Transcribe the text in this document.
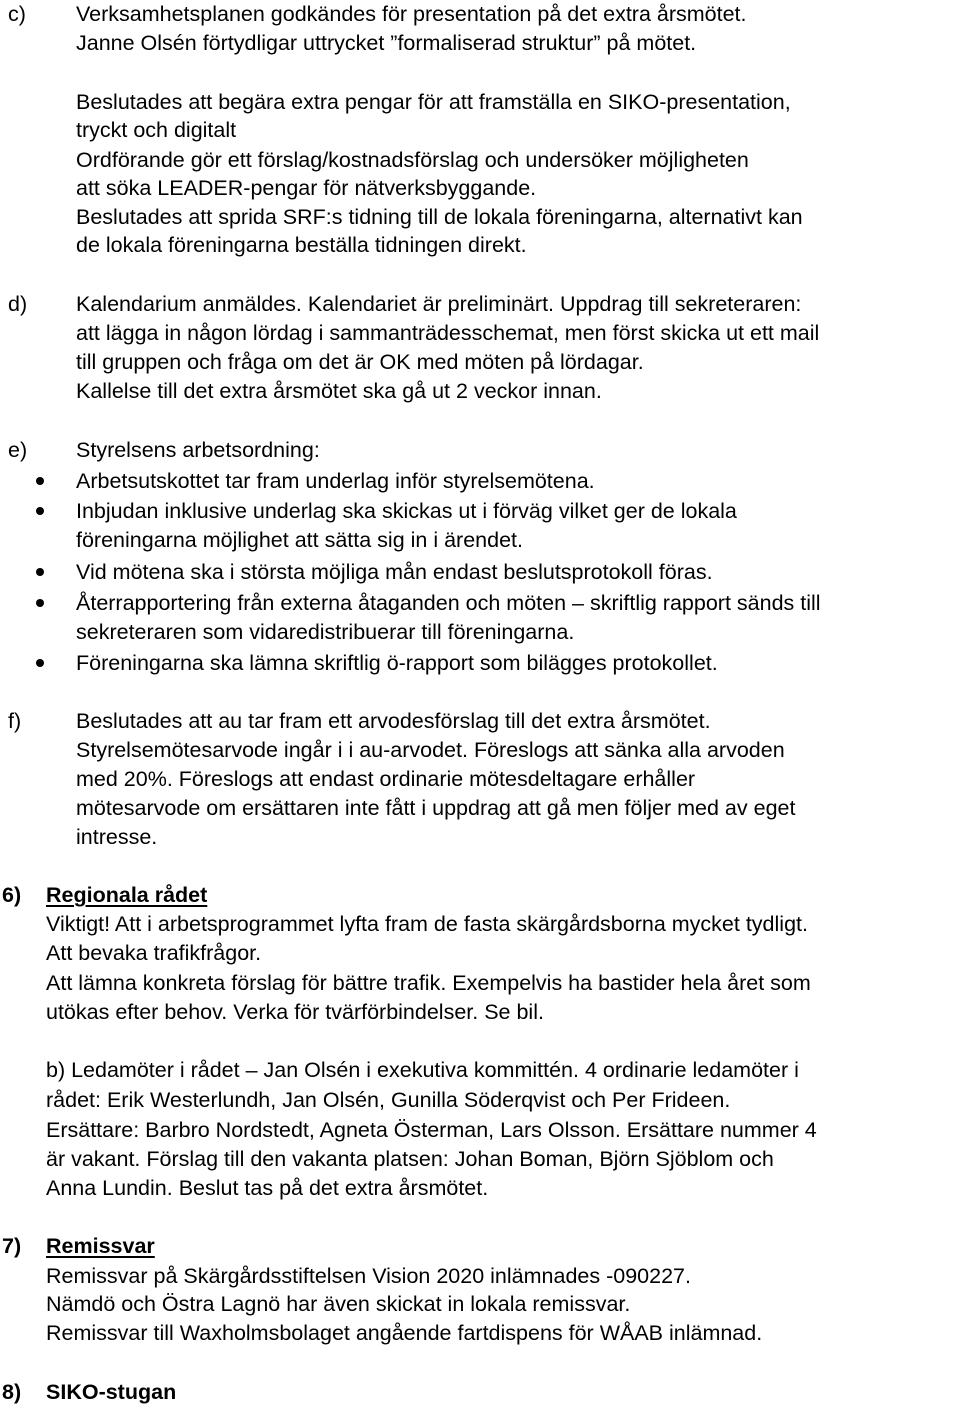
c) Verksamhetsplanen godkändes för presentation på det extra årsmötet.
Janne Olsén förtydligar uttrycket ”formaliserad struktur” på mötet.
Beslutades att begära extra pengar för att framställa en SIKO-presentation,
tryckt och digitalt
Ordförande gör ett förslag/kostnadsförslag och undersöker möjligheten
att söka LEADER-pengar för nätverksbyggande.
Beslutades att sprida SRF:s tidning till de lokala föreningarna, alternativt kan
de lokala föreningarna beställa tidningen direkt.
d) Kalendarium anmäldes. Kalendariet är preliminärt. Uppdrag till sekreteraren:
att lägga in någon lördag i sammanträdesschemat, men först skicka ut ett mail
till gruppen och fråga om det är OK med möten på lördagar.
Kallelse till det extra årsmötet ska gå ut 2 veckor innan.
e) Styrelsens arbetsordning:
Arbetsutskottet tar fram underlag inför styrelsemötena.
Inbjudan inklusive underlag ska skickas ut i förväg vilket ger de lokala
föreningarna möjlighet att sätta sig in i ärendet.
Vid mötena ska i största möjliga mån endast beslutsprotokoll föras.
Återrapportering från externa åtaganden och möten – skriftlig rapport sänds till
sekreteraren som vidaredistribuerar till föreningarna.
Föreningarna ska lämna skriftlig ö-rapport som bilägges protokollet.
f)	Beslutades att au tar fram ett arvodesförslag till det extra årsmötet.
Styrelsemötesarvode ingår i i au-arvodet. Föreslogs att sänka alla arvoden
med 20%. Föreslogs att endast ordinarie mötesdeltagare erhåller
mötesarvode om ersättaren inte fått i uppdrag att gå men följer med av eget
intresse.
6) Regionala rådet
Viktigt! Att i arbetsprogrammet lyfta fram de fasta skärgårdsborna mycket tydligt.
Att bevaka trafikfrågor.
Att lämna konkreta förslag för bättre trafik. Exempelvis ha bastider hela året som
utökas efter behov. Verka för tvärförbindelser. Se bil.
b) Ledamöter i rådet – Jan Olsén i exekutiva kommittén. 4 ordinarie ledamöter i
rådet: Erik Westerlundh, Jan Olsén, Gunilla Söderqvist och Per Frideen.
Ersättare: Barbro Nordstedt, Agneta Österman, Lars Olsson. Ersättare nummer 4
är vakant. Förslag till den vakanta platsen: Johan Boman, Björn Sjöblom och
Anna Lundin. Beslut tas på det extra årsmötet.
7) Remissvar
Remissvar på Skärgårdsstiftelsen Vision 2020 inlämnades -090227.
Nämdö och Östra Lagnö har även skickat in lokala remissvar.
Remissvar till Waxholmsbolaget angående fartdispens för WÅAB inlämnad.
8) SIKO-stugan
